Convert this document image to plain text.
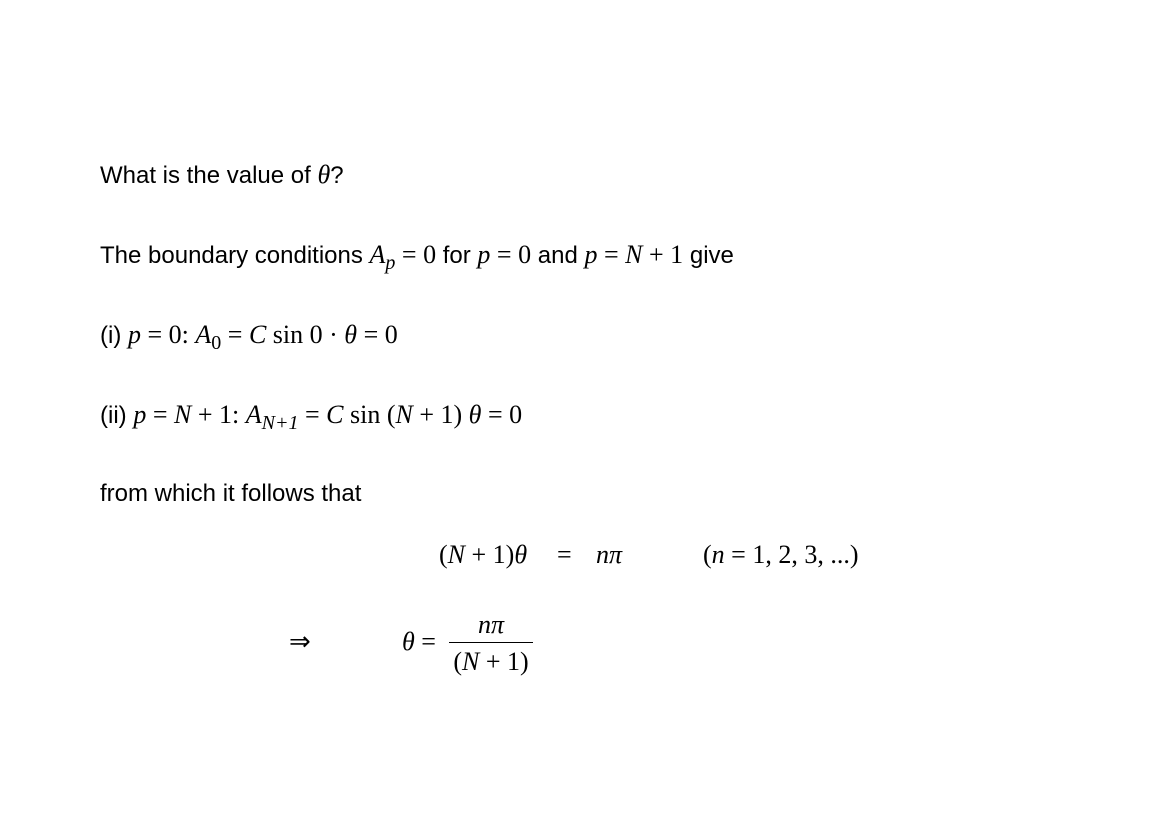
What is the value of θ?
The boundary conditions $A_p = 0$ for p = 0 and p = N + 1 give
(i) p = 0: $A_0 = C$ sin 0 · θ = 0
(ii) p = N + 1: $A_{N+1} = C$ sin (N + 1) θ = 0
from which it follows that
(N + 1)θ = nπ	(n = 1, 2, 3, ...)
⇒	θ =
nπ
(N + 1)
